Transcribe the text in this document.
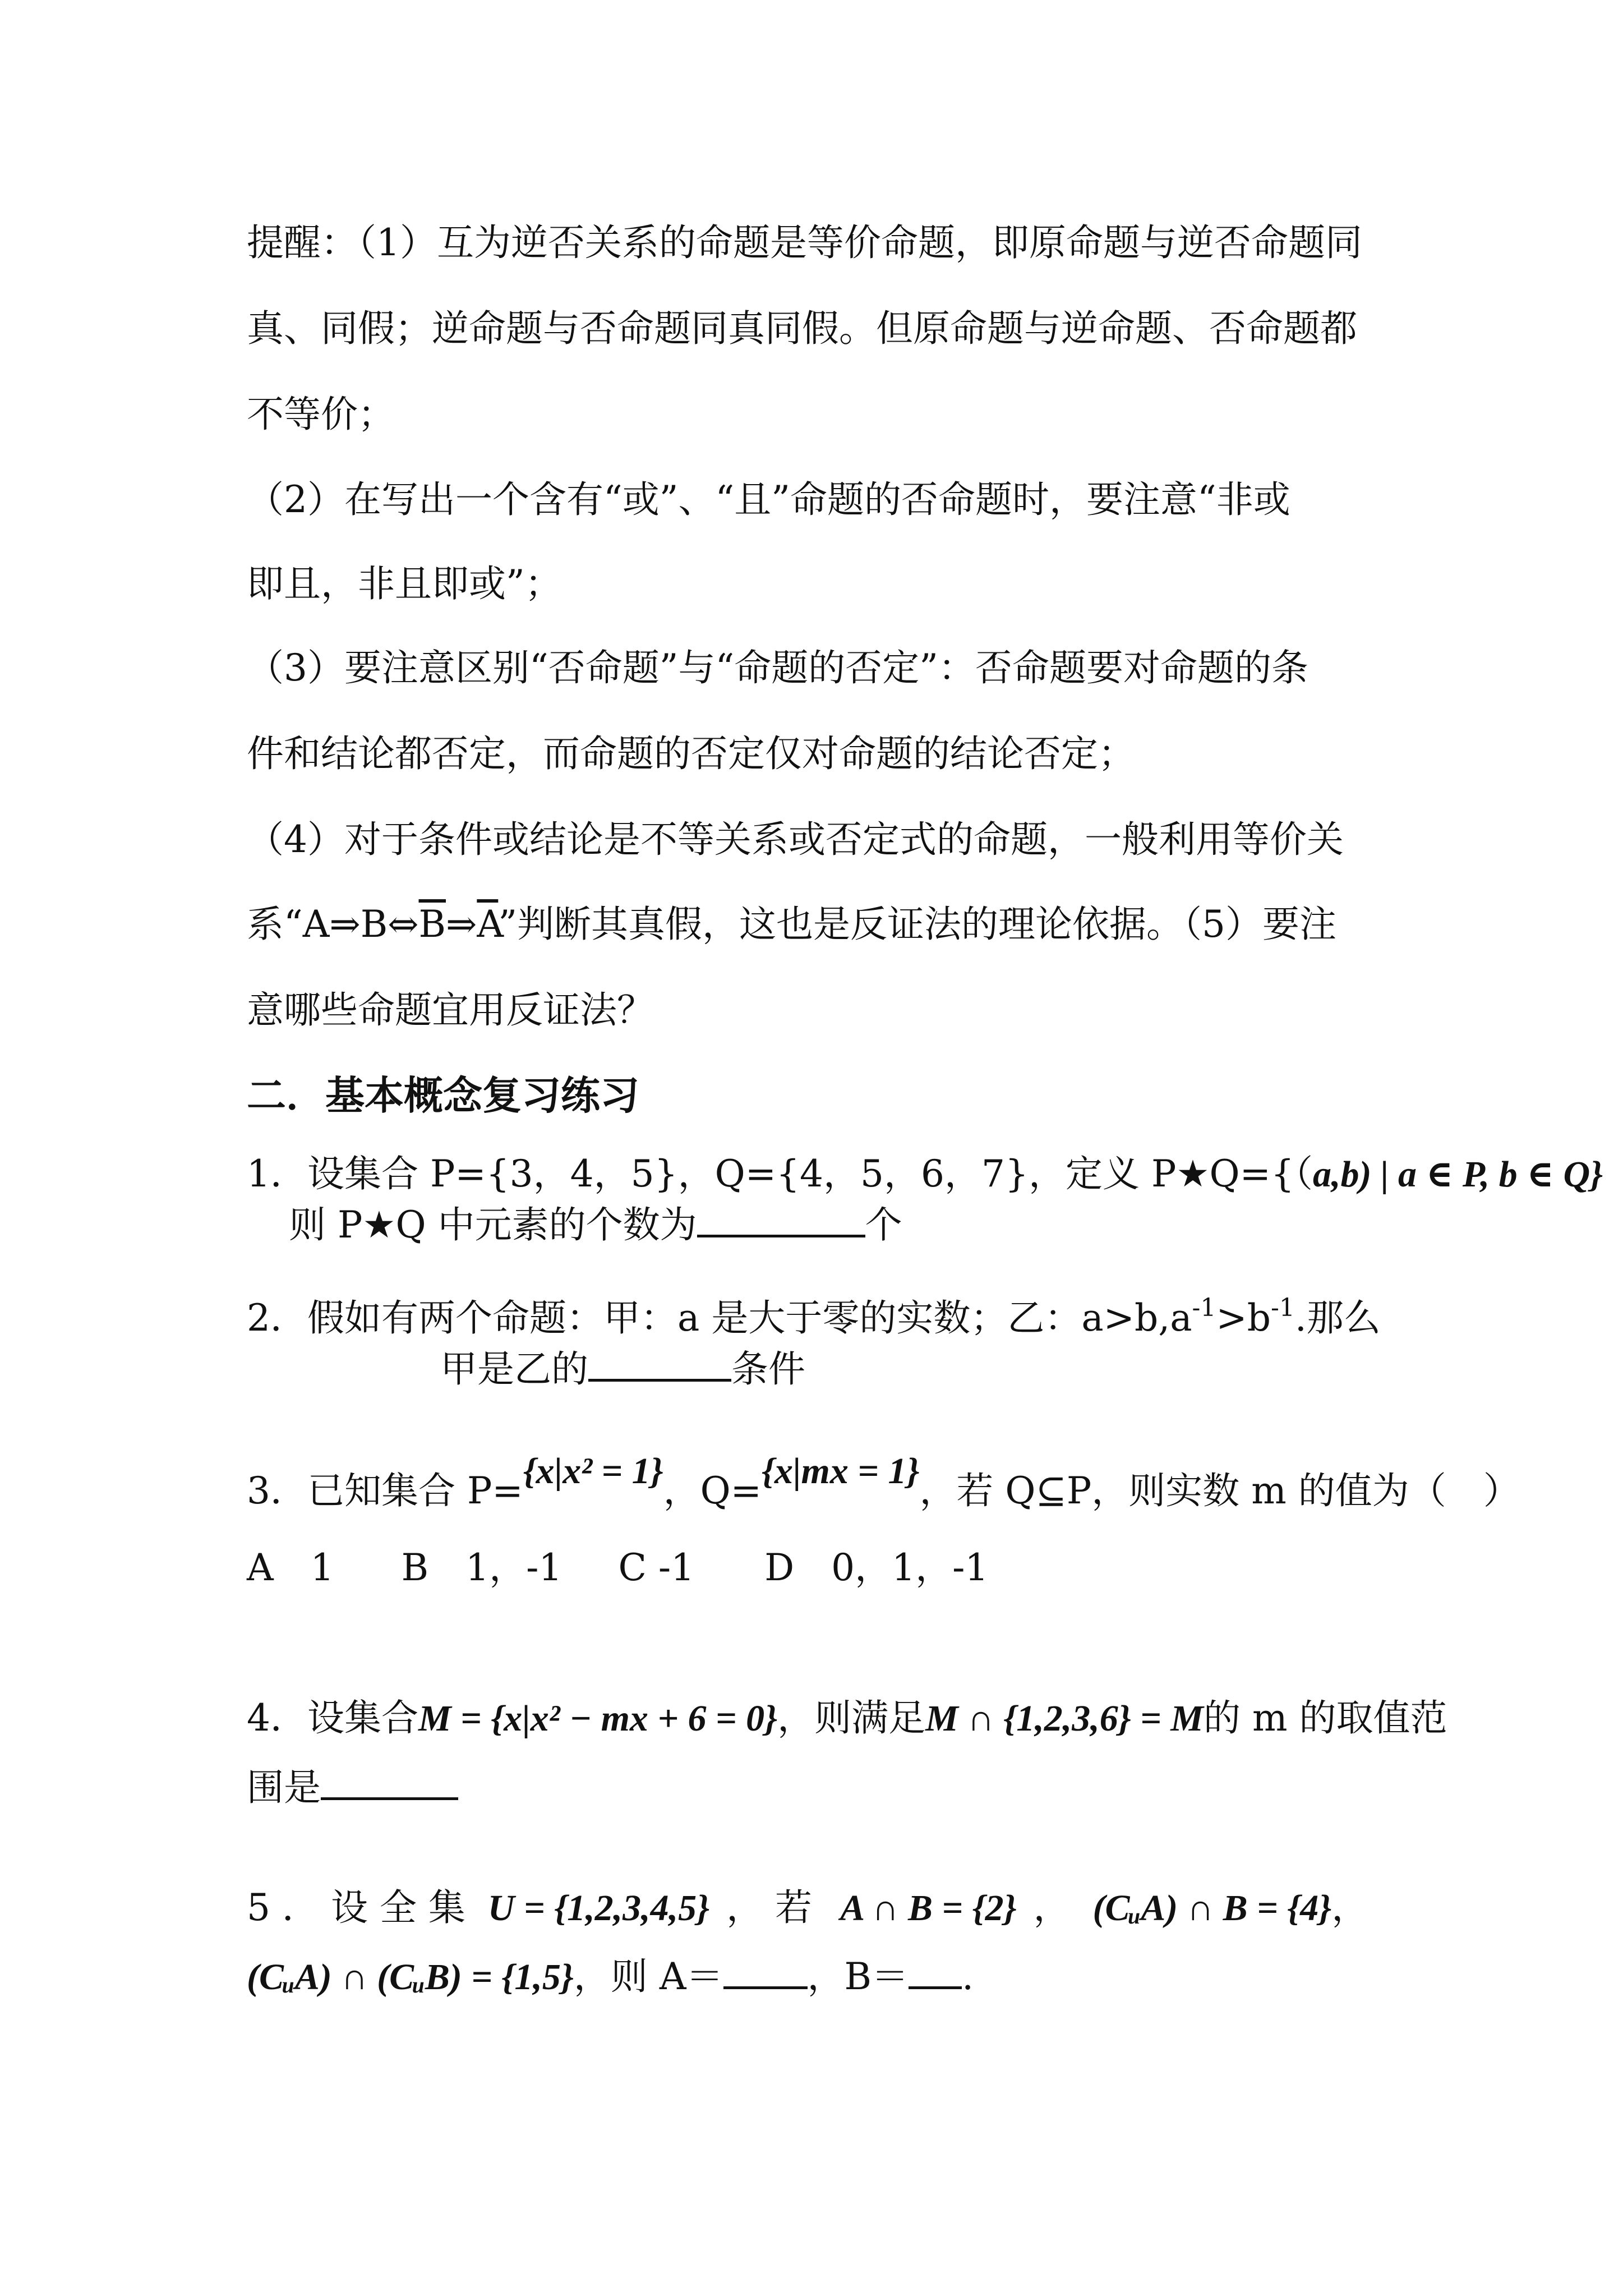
提醒：（1）互为逆否关系的命题是等价命题，即原命题与逆否命题同
真、同假；逆命题与否命题同真同假。但原命题与逆命题、否命题都
不等价；
（2）在写出一个含有“或”、“且”命题的否命题时，要注意“非或
即且，非且即或”；
（3）要注意区别“否命题”与“命题的否定”：否命题要对命题的条
件和结论都否定，而命题的否定仅对命题的结论否定；
（4）对于条件或结论是不等关系或否定式的命题，一般利用等价关
系“$A\Rightarrow B\Leftrightarrow\overline{B}\Rightarrow\overline{A}$”判断其真假，这也是反证法的理论依据。（5）要注
意哪些命题宜用反证法？
二．基本概念复习练习
1．设集合 P={3，4，5}，Q={4，5，6，7}，定义 P★Q={（a,b) | a ∈ P, b ∈ Q}
则 P★Q 中元素的个数为	个
2．假如有两个命题：甲：a 是大于零的实数；乙：$a>b,a^{-1}>b^{-1}$.那么
甲是乙的	条件
3．已知集合 P={x|x² = 1}，Q={x|mx = 1}，若 Q⊆P，则实数 m 的值为（　）
A　1 B　1，-1 C -1 D　0，1，-1
4．设集合M = {x|x² − mx + 6 = 0}，则满足M ∩ {1,2,3,6} = M的 m 的取值范
围是
5 ． 设 全 集 U = {1,2,3,4,5} ， 若 A ∩ B = {2} ， (CᵤA) ∩ B = {4}，
(CᵤA) ∩ (CᵤB) = {1,5}，则 A＝ ，B＝ .
